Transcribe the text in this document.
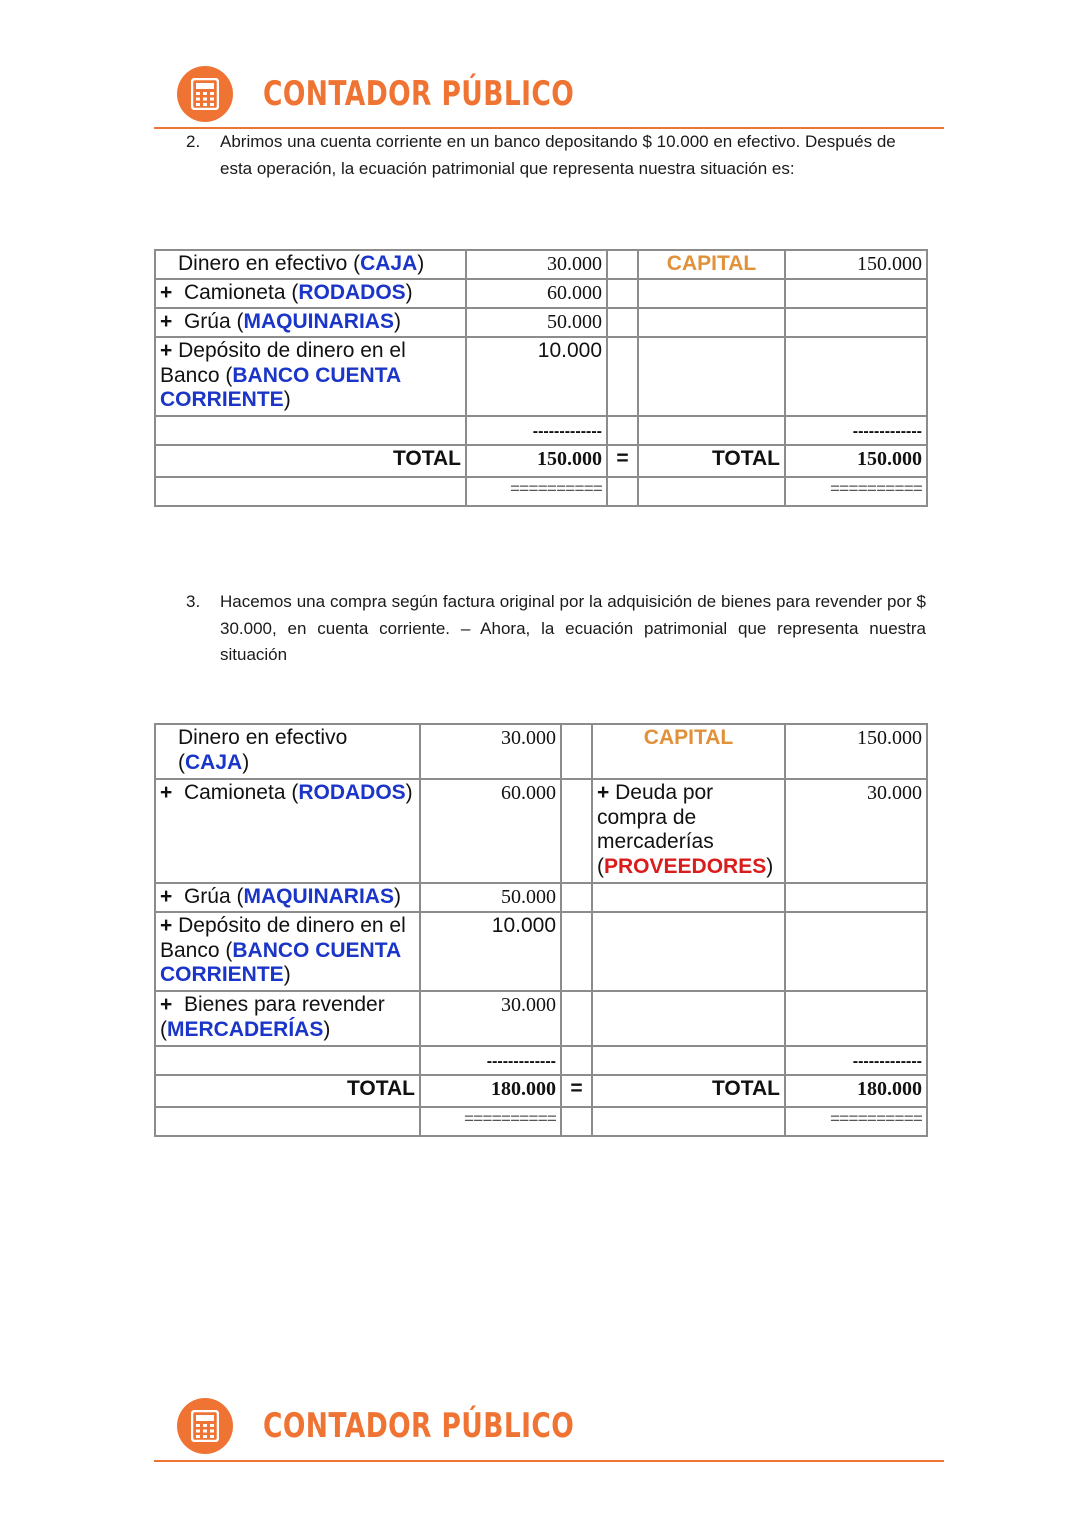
CONTADOR PÚBLICO
2.	Abrimos una cuenta corriente en un banco depositando $ 10.000 en efectivo. Después de esta operación, la ecuación patrimonial que representa nuestra situación es:
Dinero en efectivo (CAJA)	30.000		CAPITAL	150.000
+ Camioneta (RODADOS)	60.000			
+ Grúa (MAQUINARIAS)	50.000			
+ Depósito de dinero en el Banco (BANCO CUENTA CORRIENTE)	10.000			
	-------------			-------------
TOTAL	150.000	=	TOTAL	150.000
	==========			==========
3.	Hacemos una compra según factura original por la adquisición de bienes para revender por $ 30.000, en cuenta corriente. – Ahora, la ecuación patrimonial que representa nuestra situación
Dinero en efectivo (CAJA)	30.000		CAPITAL	150.000
+ Camioneta (RODADOS)	60.000		+ Deuda por compra de mercaderías (PROVEEDORES)	30.000
+ Grúa (MAQUINARIAS)	50.000			
+ Depósito de dinero en el Banco (BANCO CUENTA CORRIENTE)	10.000			
+ Bienes para revender (MERCADERÍAS)	30.000			
	-------------			-------------
TOTAL	180.000	=	TOTAL	180.000
	==========			==========
CONTADOR PÚBLICO
